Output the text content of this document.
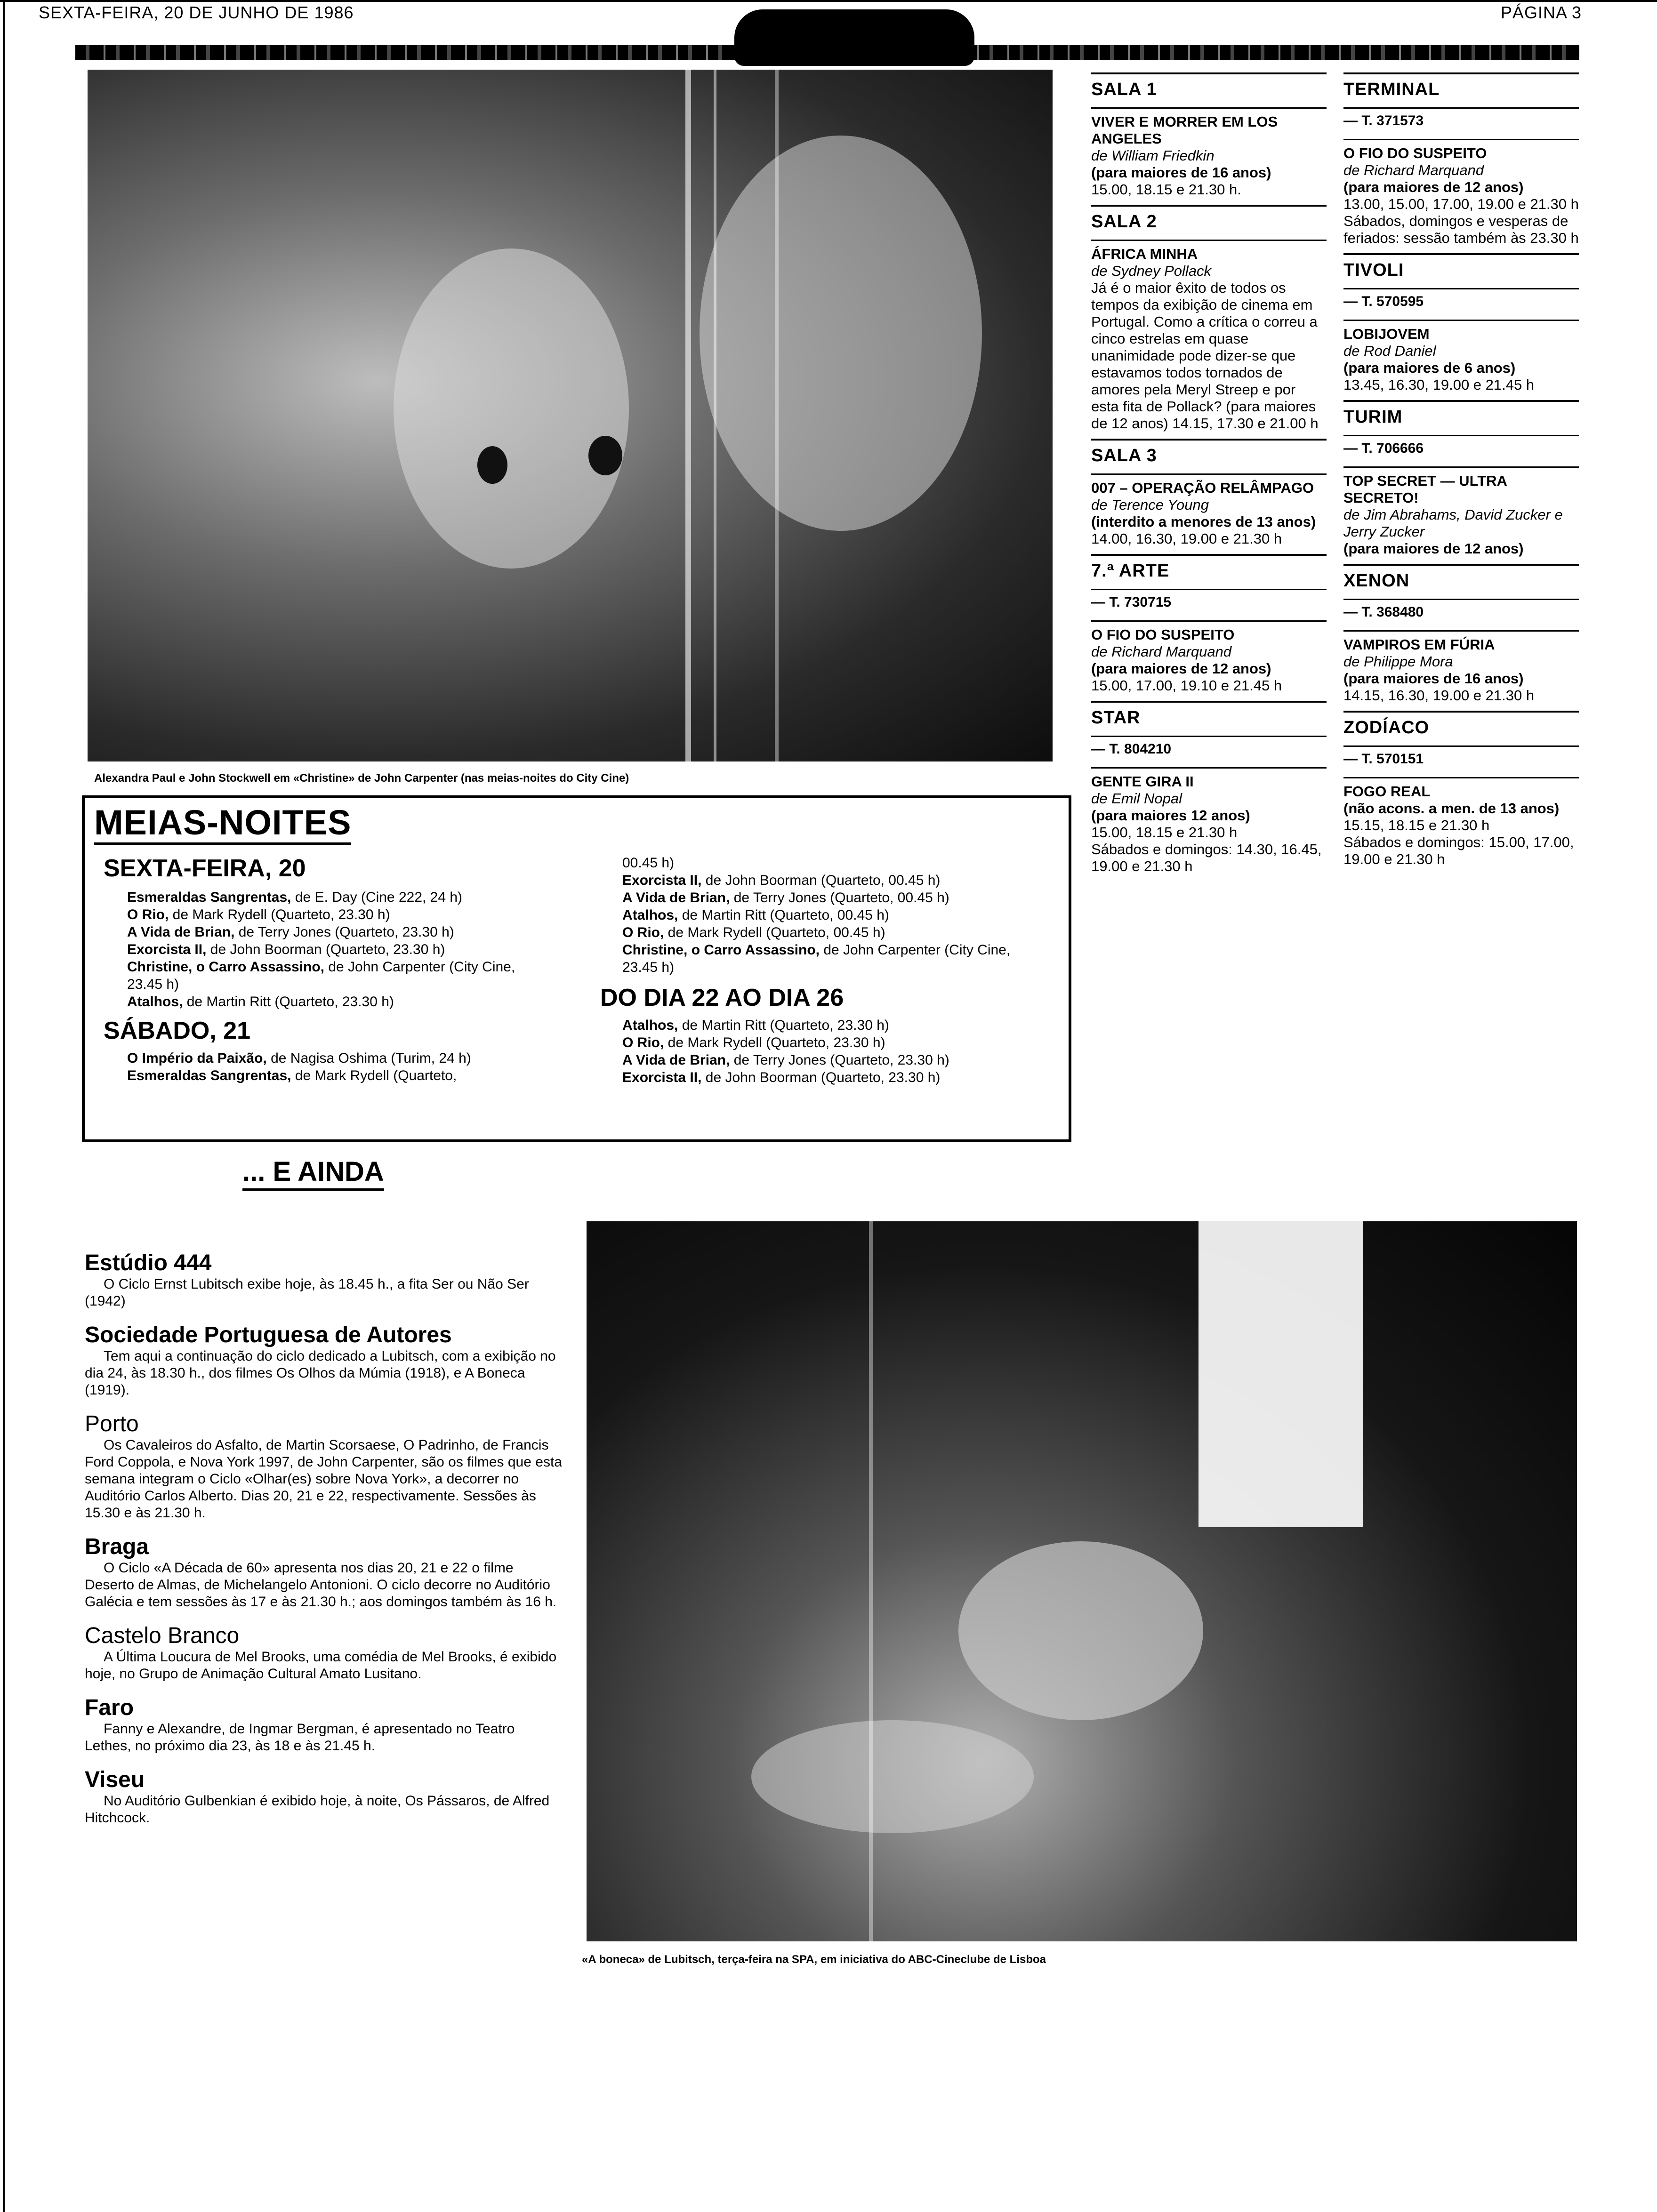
SEXTA-FEIRA, 20 DE JUNHO DE 1986	PÁGINA 3
Alexandra Paul e John Stockwell em «Christine» de John Carpenter (nas meias-noites do City Cine)
MEIAS-NOITES
SEXTA-FEIRA, 20
Esmeraldas Sangrentas, de E. Day (Cine 222, 24 h)
O Rio, de Mark Rydell (Quarteto, 23.30 h)
A Vida de Brian, de Terry Jones (Quarteto, 23.30 h)
Exorcista II, de John Boorman (Quarteto, 23.30 h)
Christine, o Carro Assassino, de John Carpenter (City Cine, 23.45 h)
Atalhos, de Martin Ritt (Quarteto, 23.30 h)
SÁBADO, 21
O Império da Paixão, de Nagisa Oshima (Turim, 24 h)
Esmeraldas Sangrentas, de Mark Rydell (Quarteto,
00.45 h)
Exorcista II, de John Boorman (Quarteto, 00.45 h)
A Vida de Brian, de Terry Jones (Quarteto, 00.45 h)
Atalhos, de Martin Ritt (Quarteto, 00.45 h)
O Rio, de Mark Rydell (Quarteto, 00.45 h)
Christine, o Carro Assassino, de John Carpenter (City Cine, 23.45 h)
DO DIA 22 AO DIA 26
Atalhos, de Martin Ritt (Quarteto, 23.30 h)
O Rio, de Mark Rydell (Quarteto, 23.30 h)
A Vida de Brian, de Terry Jones (Quarteto, 23.30 h)
Exorcista II, de John Boorman (Quarteto, 23.30 h)
SALA 1
VIVER E MORRER EM LOS ANGELES
de William Friedkin
(para maiores de 16 anos)
15.00, 18.15 e 21.30 h.
SALA 2
ÁFRICA MINHA
de Sydney Pollack
Já é o maior êxito de todos os tempos da exibição de cinema em Portugal. Como a crítica o correu a cinco estrelas em quase unanimidade pode dizer-se que estavamos todos tornados de amores pela Meryl Streep e por esta fita de Pollack? (para maiores de 12 anos) 14.15, 17.30 e 21.00 h
SALA 3
007 – OPERAÇÃO RELÂMPAGO
de Terence Young
(interdito a menores de 13 anos)
14.00, 16.30, 19.00 e 21.30 h
7.ª ARTE
— T. 730715
O FIO DO SUSPEITO
de Richard Marquand
(para maiores de 12 anos)
15.00, 17.00, 19.10 e 21.45 h
STAR
— T. 804210
GENTE GIRA II
de Emil Nopal
(para maiores 12 anos)
15.00, 18.15 e 21.30 h
Sábados e domingos: 14.30, 16.45, 19.00 e 21.30 h
TERMINAL
— T. 371573
O FIO DO SUSPEITO
de Richard Marquand
(para maiores de 12 anos)
13.00, 15.00, 17.00, 19.00 e 21.30 h
Sábados, domingos e vesperas de feriados: sessão também às 23.30 h
TIVOLI
— T. 570595
LOBIJOVEM
de Rod Daniel
(para maiores de 6 anos)
13.45, 16.30, 19.00 e 21.45 h
TURIM
— T. 706666
TOP SECRET — ULTRA SECRETO!
de Jim Abrahams, David Zucker e Jerry Zucker
(para maiores de 12 anos)
XENON
— T. 368480
VAMPIROS EM FÚRIA
de Philippe Mora
(para maiores de 16 anos)
14.15, 16.30, 19.00 e 21.30 h
ZODÍACO
— T. 570151
FOGO REAL
(não acons. a men. de 13 anos)
15.15, 18.15 e 21.30 h
Sábados e domingos: 15.00, 17.00, 19.00 e 21.30 h
... E AINDA
Estúdio 444
O Ciclo Ernst Lubitsch exibe hoje, às 18.45 h., a fita Ser ou Não Ser (1942)
Sociedade Portuguesa de Autores
Tem aqui a continuação do ciclo dedicado a Lubitsch, com a exibição no dia 24, às 18.30 h., dos filmes Os Olhos da Múmia (1918), e A Boneca (1919).
Porto
Os Cavaleiros do Asfalto, de Martin Scorsaese, O Padrinho, de Francis Ford Coppola, e Nova York 1997, de John Carpenter, são os filmes que esta semana integram o Ciclo «Olhar(es) sobre Nova York», a decorrer no Auditório Carlos Alberto. Dias 20, 21 e 22, respectivamente. Sessões às 15.30 e às 21.30 h.
Braga
O Ciclo «A Década de 60» apresenta nos dias 20, 21 e 22 o filme Deserto de Almas, de Michelangelo Antonioni. O ciclo decorre no Auditório Galécia e tem sessões às 17 e às 21.30 h.; aos domingos também às 16 h.
Castelo Branco
A Última Loucura de Mel Brooks, uma comédia de Mel Brooks, é exibido hoje, no Grupo de Animação Cultural Amato Lusitano.
Faro
Fanny e Alexandre, de Ingmar Bergman, é apresentado no Teatro Lethes, no próximo dia 23, às 18 e às 21.45 h.
Viseu
No Auditório Gulbenkian é exibido hoje, à noite, Os Pássaros, de Alfred Hitchcock.
«A boneca» de Lubitsch, terça-feira na SPA, em iniciativa do ABC-Cineclube de Lisboa
